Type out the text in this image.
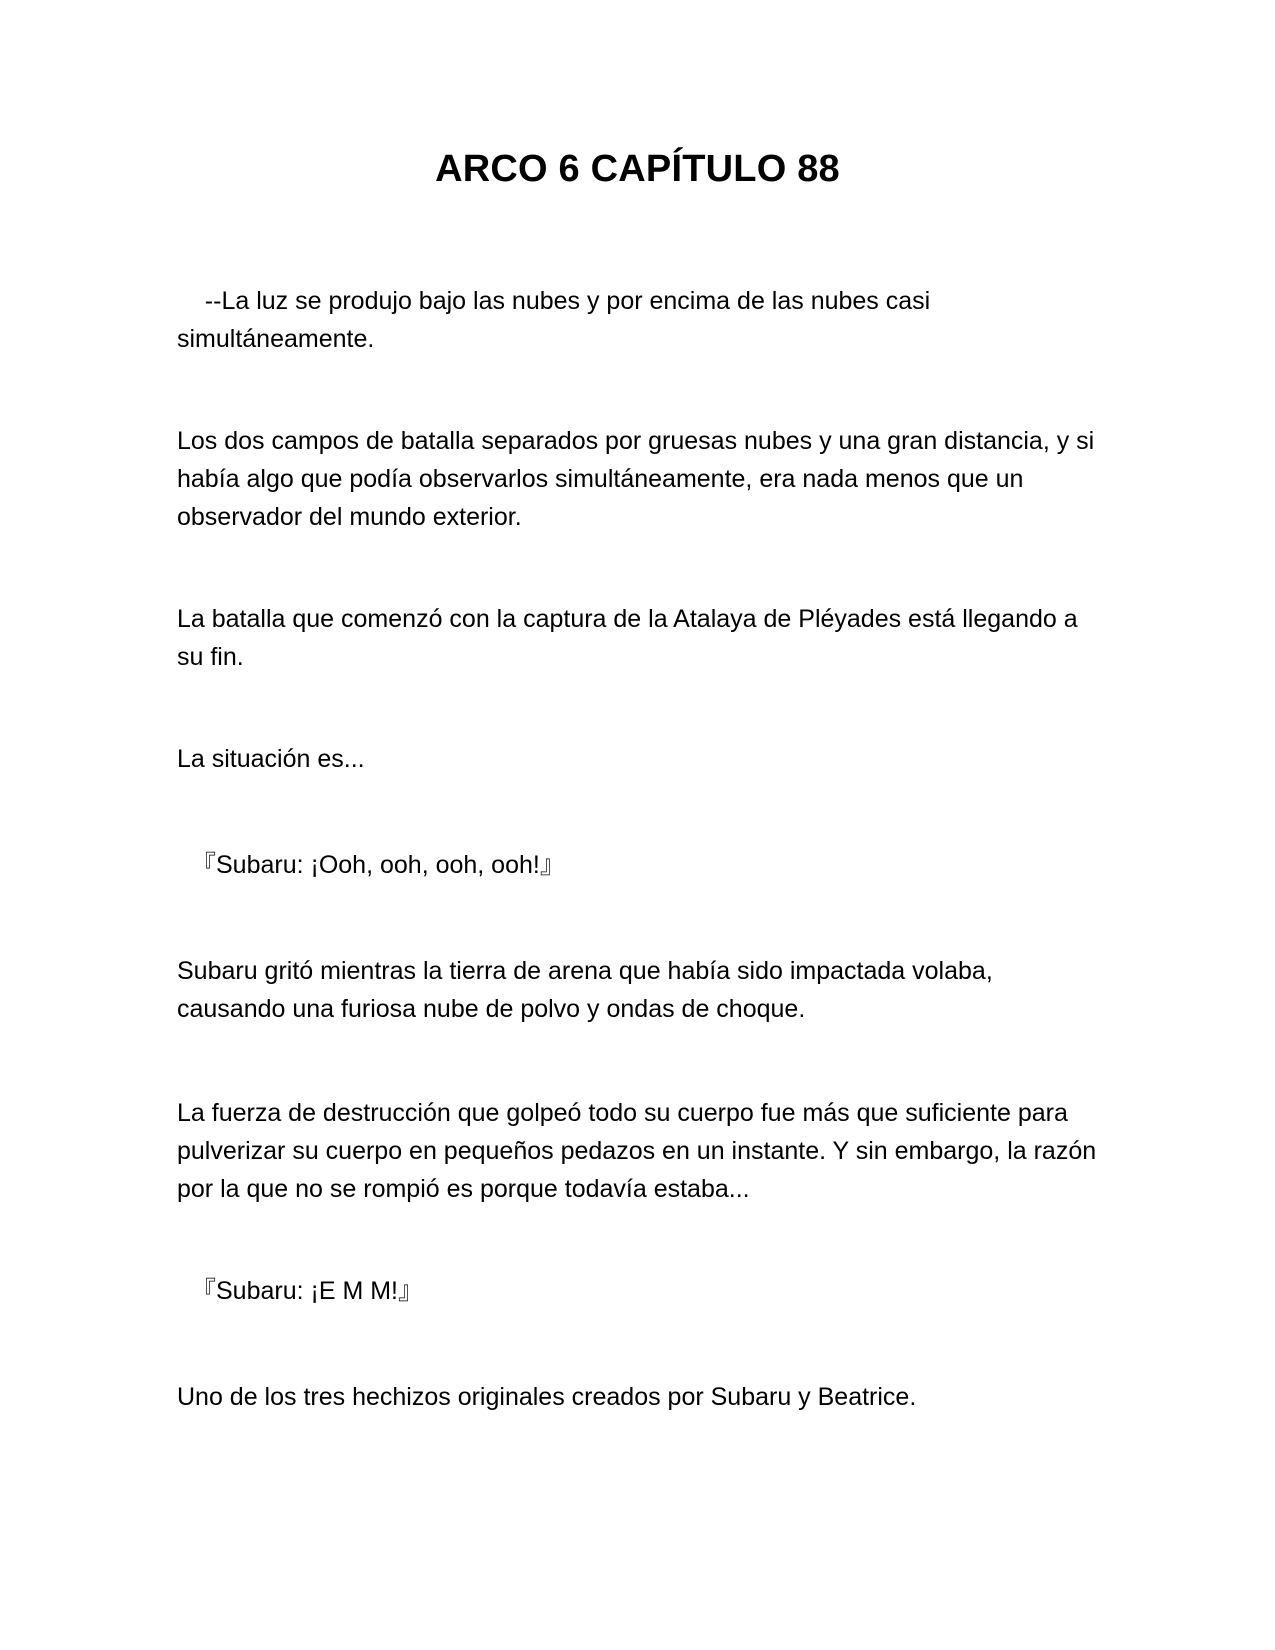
ARCO 6 CAPÍTULO 88

--La luz se produjo bajo las nubes y por encima de las nubes casi simultáneamente.

Los dos campos de batalla separados por gruesas nubes y una gran distancia, y si había algo que podía observarlos simultáneamente, era nada menos que un observador del mundo exterior.

La batalla que comenzó con la captura de la Atalaya de Pléyades está llegando a su fin.

La situación es...

『Subaru: ¡Ooh, ooh, ooh, ooh!』

Subaru gritó mientras la tierra de arena que había sido impactada volaba, causando una furiosa nube de polvo y ondas de choque.

La fuerza de destrucción que golpeó todo su cuerpo fue más que suficiente para pulverizar su cuerpo en pequeños pedazos en un instante. Y sin embargo, la razón por la que no se rompió es porque todavía estaba...

『Subaru: ¡E M M!』

Uno de los tres hechizos originales creados por Subaru y Beatrice.
